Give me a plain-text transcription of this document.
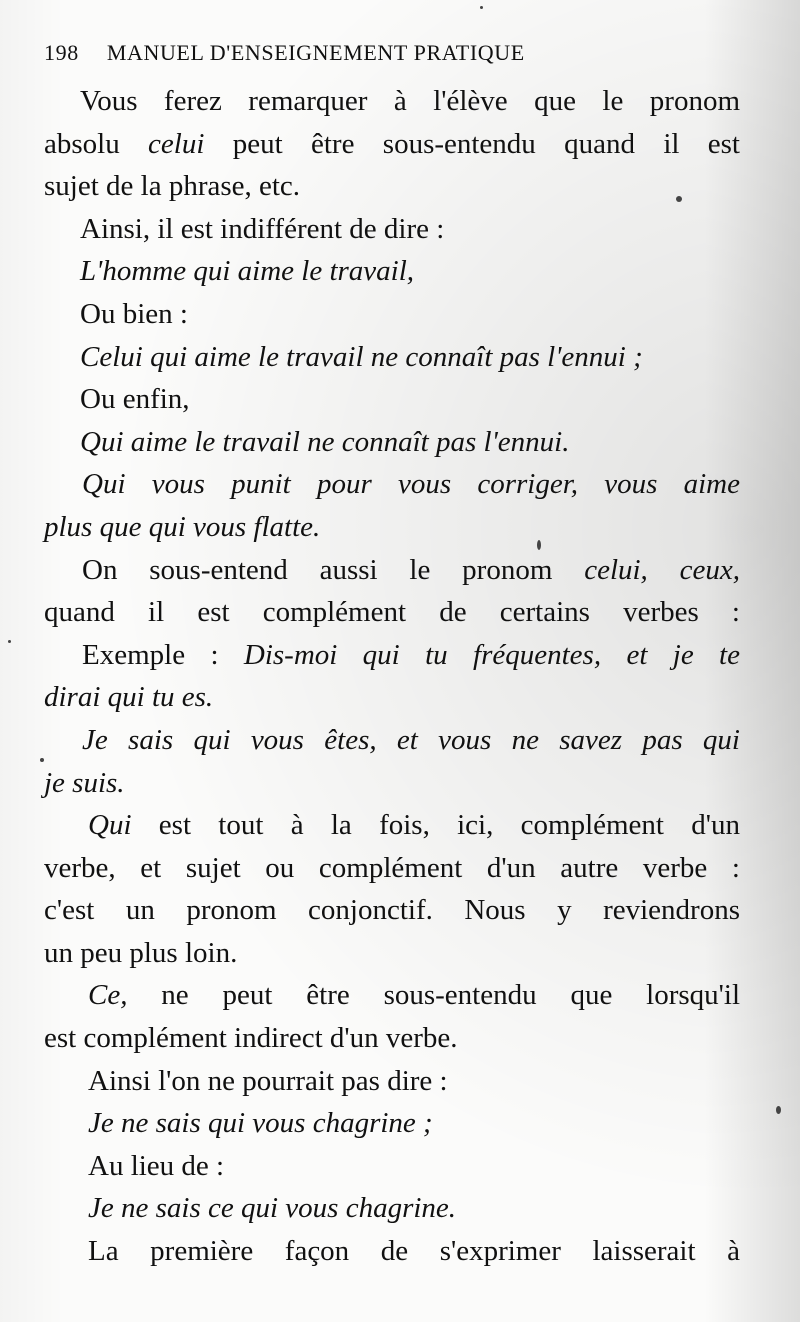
198 MANUEL D'ENSEIGNEMENT PRATIQUE
Vous ferez remarquer à l'élève que le pronom
absolu celui peut être sous-entendu quand il est
sujet de la phrase, etc.
Ainsi, il est indifférent de dire :
L'homme qui aime le travail,
Ou bien :
Celui qui aime le travail ne connaît pas l'ennui ;
Ou enfin,
Qui aime le travail ne connaît pas l'ennui.
Qui vous punit pour vous corriger, vous aime
plus que qui vous flatte.
On sous-entend aussi le pronom celui, ceux,
quand il est complément de certains verbes :
Exemple : Dis-moi qui tu fréquentes, et je te
dirai qui tu es.
Je sais qui vous êtes, et vous ne savez pas qui
je suis.
Qui est tout à la fois, ici, complément d'un
verbe, et sujet ou complément d'un autre verbe :
c'est un pronom conjonctif. Nous y reviendrons
un peu plus loin.
Ce, ne peut être sous-entendu que lorsqu'il
est complément indirect d'un verbe.
Ainsi l'on ne pourrait pas dire :
Je ne sais qui vous chagrine ;
Au lieu de :
Je ne sais ce qui vous chagrine.
La première façon de s'exprimer laisserait à
